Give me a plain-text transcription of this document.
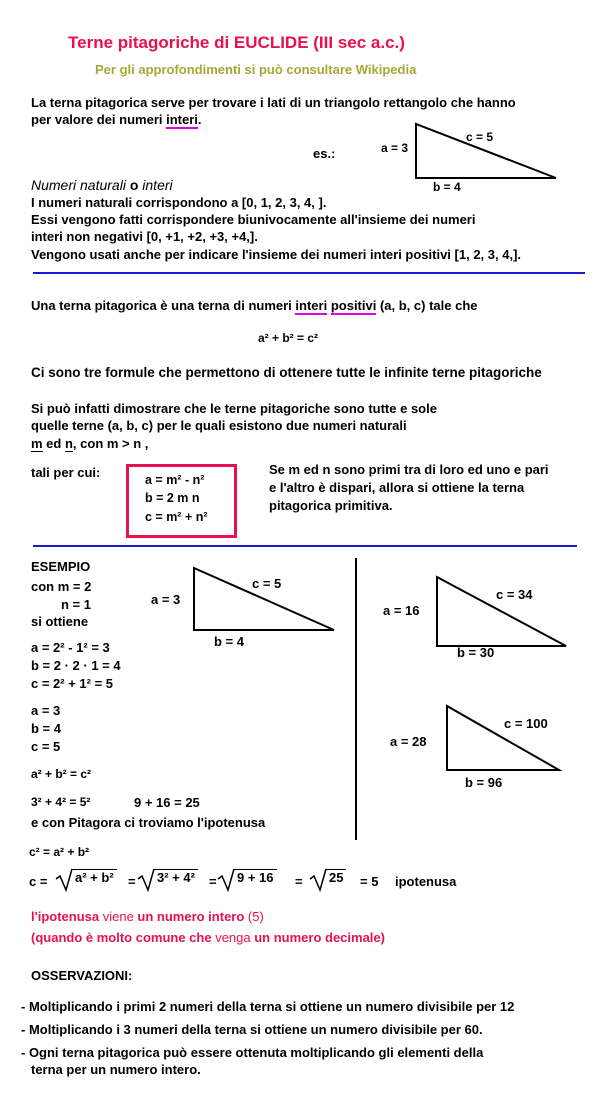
Terne pitagoriche di EUCLIDE (III sec a.c.)
Per gli approfondimenti si può consultare Wikipedia
La terna pitagorica serve per trovare i lati di un triangolo rettangolo che hanno
per valore dei numeri interi.
es.:	a = 3
c = 5
b = 4
Numeri naturali o interi
I numeri naturali corrispondono a [0, 1, 2, 3, 4, ].
Essi vengono fatti corrispondere biunivocamente all'insieme dei numeri
interi non negativi [0, +1, +2, +3, +4,].
Vengono usati anche per indicare l'insieme dei numeri interi positivi [1, 2, 3, 4,].
Una terna pitagorica è una terna di numeri interi positivi (a, b, c) tale che
a² + b² = c²
Ci sono tre formule che permettono di ottenere tutte le infinite terne pitagoriche
Si può infatti dimostrare che le terne pitagoriche sono tutte e sole
quelle terne (a, b, c) per le quali esistono due numeri naturali
m ed n, con m > n ,
tali per cui:	a = m² - n²
b = 2 m n
c = m² + n²
Se m ed n sono primi tra di loro ed uno e pari
e l'altro è dispari, allora si ottiene la terna
pitagorica primitiva.
ESEMPIO
con m = 2
n = 1
si ottiene
a = 2² - 1² = 3
b = 2 · 2 · 1 = 4
c = 2² + 1² = 5
a = 3
b = 4
c = 5
a² + b² = c²
3² + 4² = 5²	9 + 16 = 25
e con Pitagora ci troviamo l'ipotenusa
a = 3
c = 5
b = 4
a = 16
c = 34
b = 30
a = 28
c = 100
b = 96
c² = a² + b²
c = a² + b² = 3² + 4² = 9 + 16 = 25 = 5 ipotenusa
l'ipotenusa viene un numero intero (5)
(quando è molto comune che venga un numero decimale)
OSSERVAZIONI:
- Moltiplicando i primi 2 numeri della terna si ottiene un numero divisibile per 12
- Moltiplicando i 3 numeri della terna si ottiene un numero divisibile per 60.
- Ogni terna pitagorica può essere ottenuta moltiplicando gli elementi della
terna per un numero intero.
